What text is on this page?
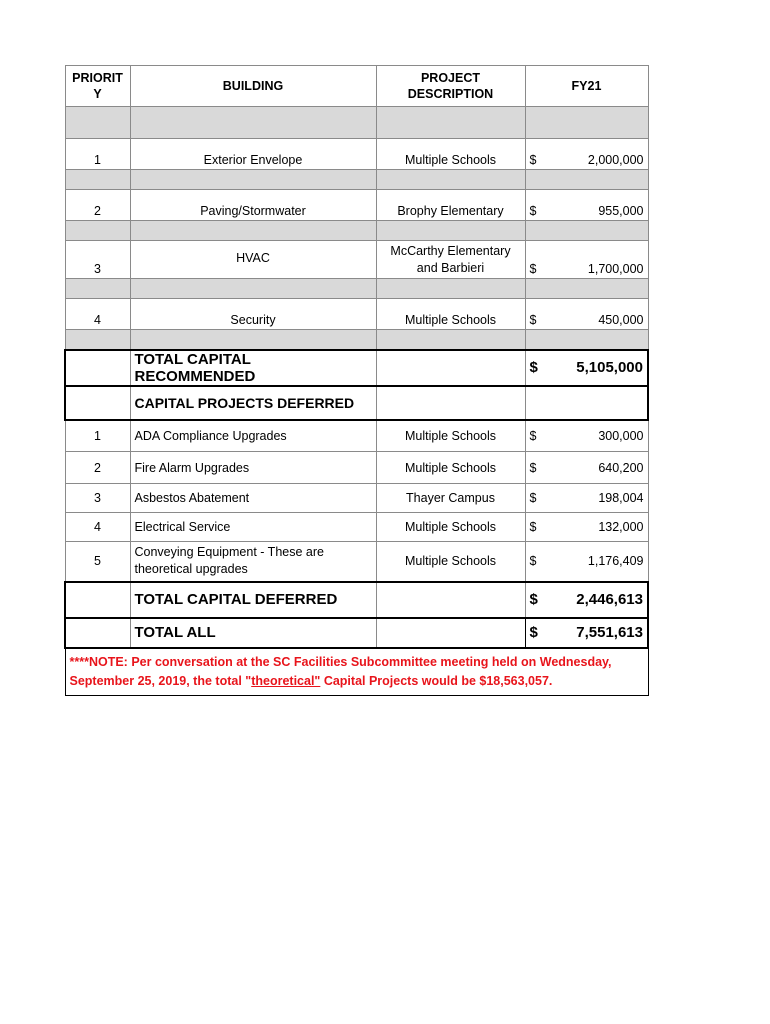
PRIORIT Y	BUILDING	PROJECT DESCRIPTION	FY21

1	Exterior Envelope	Multiple Schools	$ 2,000,000

2	Paving/Stormwater	Brophy Elementary	$ 955,000

3	HVAC	McCarthy Elementary and Barbieri	$ 1,700,000

4	Security	Multiple Schools	$ 450,000

	TOTAL CAPITAL RECOMMENDED		$ 5,105,000

	CAPITAL PROJECTS DEFERRED		
1	ADA Compliance Upgrades	Multiple Schools	$ 300,000

2	Fire Alarm Upgrades	Multiple Schools	$ 640,200

3	Asbestos Abatement	Thayer Campus	$ 198,004

4	Electrical Service	Multiple Schools	$ 132,000

5	Conveying Equipment - These are theoretical upgrades	Multiple Schools	$ 1,176,409

	TOTAL CAPITAL DEFERRED		$ 2,446,613

	TOTAL ALL		$ 7,551,613

****NOTE: Per conversation at the SC Facilities Subcommittee meeting held on Wednesday, September 25, 2019, the total "theoretical" Capital Projects would be $18,563,057.			
